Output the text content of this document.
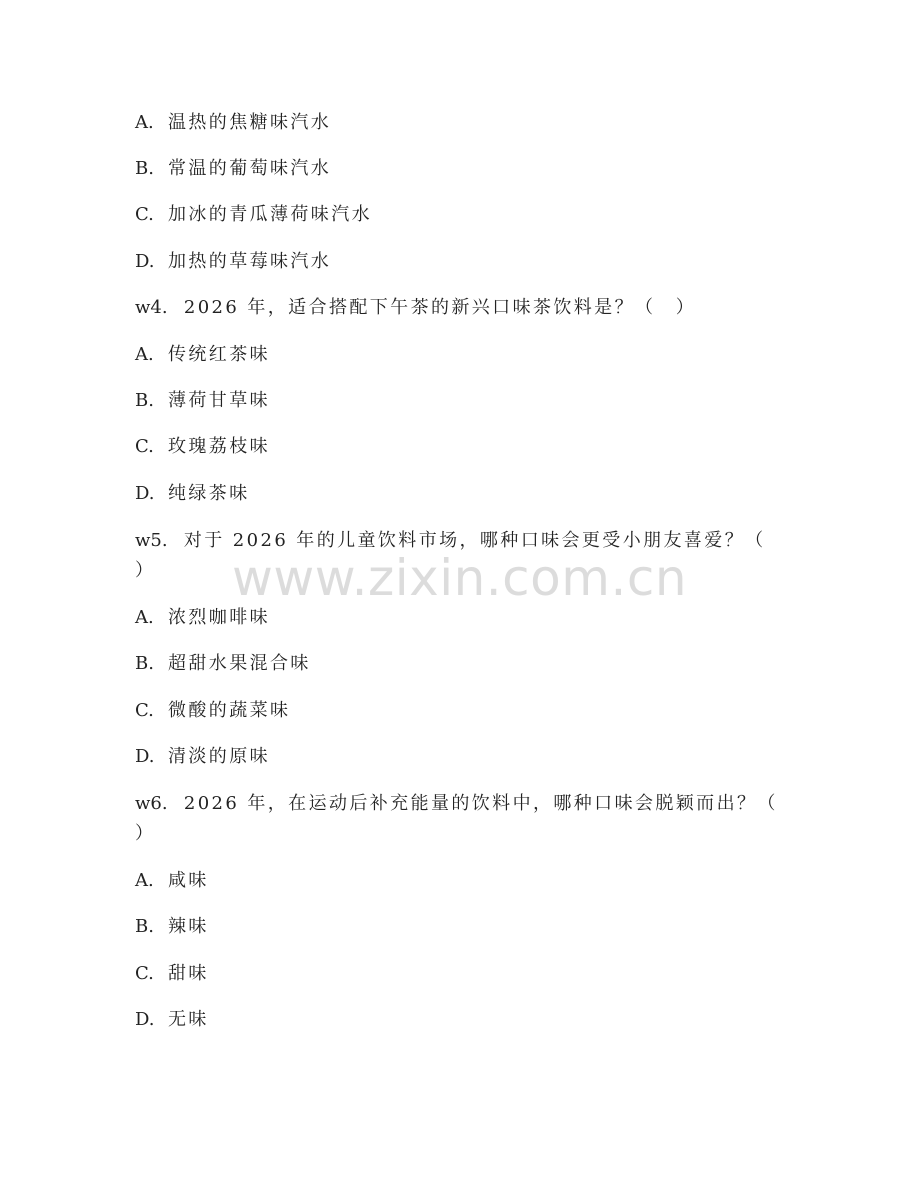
A. 温热的焦糖味汽水
B. 常温的葡萄味汽水
C. 加冰的青瓜薄荷味汽水
D. 加热的草莓味汽水
w4. 2026 年，适合搭配下午茶的新兴口味茶饮料是？（　）
A. 传统红茶味
B. 薄荷甘草味
C. 玫瑰荔枝味
D. 纯绿茶味
w5. 对于 2026 年的儿童饮料市场，哪种口味会更受小朋友喜爱？（
）
A. 浓烈咖啡味
B. 超甜水果混合味
C. 微酸的蔬菜味
D. 清淡的原味
w6. 2026 年，在运动后补充能量的饮料中，哪种口味会脱颖而出？（
）
A. 咸味
B. 辣味
C. 甜味
D. 无味
www.zixin.com.cn
